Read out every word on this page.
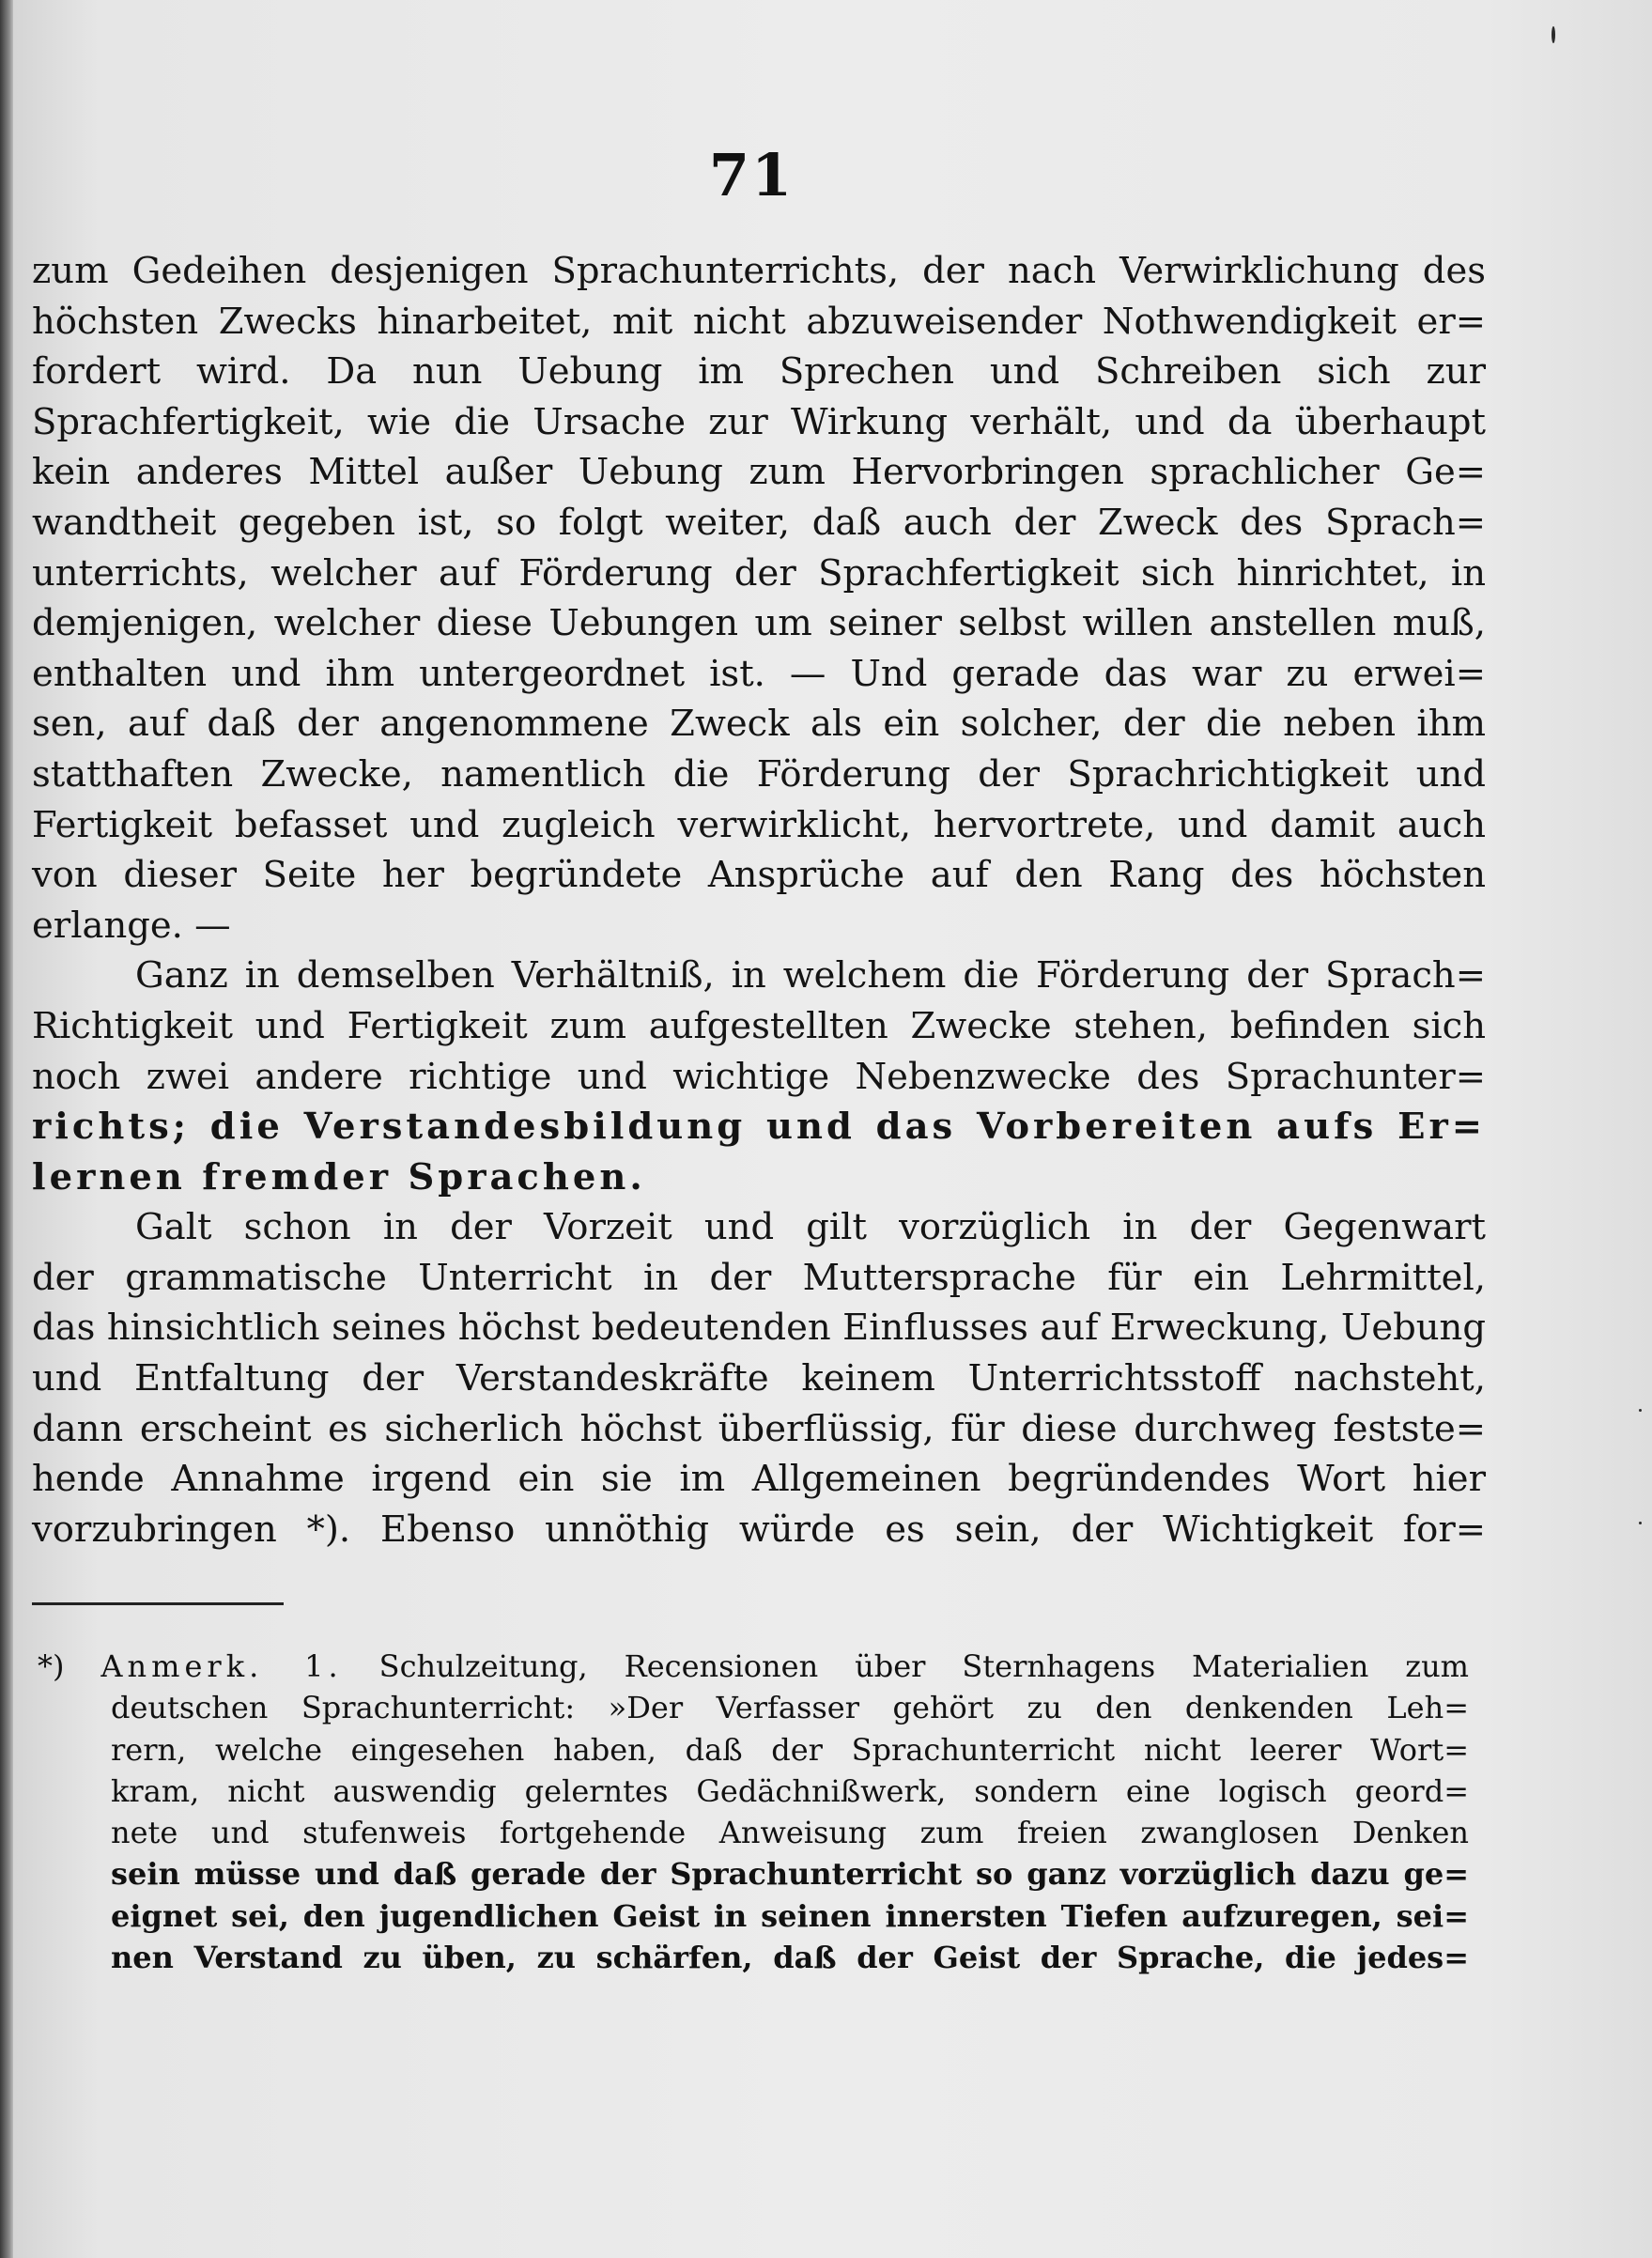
71
zum Gedeihen desjenigen Sprachunterrichts, der nach Verwirklichung des
höchsten Zwecks hinarbeitet, mit nicht abzuweisender Nothwendigkeit er=
fordert wird. Da nun Uebung im Sprechen und Schreiben sich zur
Sprachfertigkeit, wie die Ursache zur Wirkung verhält, und da überhaupt
kein anderes Mittel außer Uebung zum Hervorbringen sprachlicher Ge=
wandtheit gegeben ist, so folgt weiter, daß auch der Zweck des Sprach=
unterrichts, welcher auf Förderung der Sprachfertigkeit sich hinrichtet, in
demjenigen, welcher diese Uebungen um seiner selbst willen anstellen muß,
enthalten und ihm untergeordnet ist. — Und gerade das war zu erwei=
sen, auf daß der angenommene Zweck als ein solcher, der die neben ihm
statthaften Zwecke, namentlich die Förderung der Sprachrichtigkeit und
Fertigkeit befasset und zugleich verwirklicht, hervortrete, und damit auch
von dieser Seite her begründete Ansprüche auf den Rang des höchsten
erlange. —
Ganz in demselben Verhältniß, in welchem die Förderung der Sprach=
Richtigkeit und Fertigkeit zum aufgestellten Zwecke stehen, befinden sich
noch zwei andere richtige und wichtige Nebenzwecke des Sprachunter=
richts; die Verstandesbildung und das Vorbereiten aufs Er=
lernen fremder Sprachen.
Galt schon in der Vorzeit und gilt vorzüglich in der Gegenwart
der grammatische Unterricht in der Muttersprache für ein Lehrmittel,
das hinsichtlich seines höchst bedeutenden Einflusses auf Erweckung, Uebung
und Entfaltung der Verstandeskräfte keinem Unterrichtsstoff nachsteht,
dann erscheint es sicherlich höchst überflüssig, für diese durchweg festste=
hende Annahme irgend ein sie im Allgemeinen begründendes Wort hier
vorzubringen *). Ebenso unnöthig würde es sein, der Wichtigkeit for=
*) Anmerk. 1. Schulzeitung, Recensionen über Sternhagens Materialien zum
deutschen Sprachunterricht: »Der Verfasser gehört zu den denkenden Leh=
rern, welche eingesehen haben, daß der Sprachunterricht nicht leerer Wort=
kram, nicht auswendig gelerntes Gedächnißwerk, sondern eine logisch geord=
nete und stufenweis fortgehende Anweisung zum freien zwanglosen Denken
sein müsse und daß gerade der Sprachunterricht so ganz vorzüglich dazu ge=
eignet sei, den jugendlichen Geist in seinen innersten Tiefen aufzuregen, sei=
nen Verstand zu üben, zu schärfen, daß der Geist der Sprache, die jedes=
